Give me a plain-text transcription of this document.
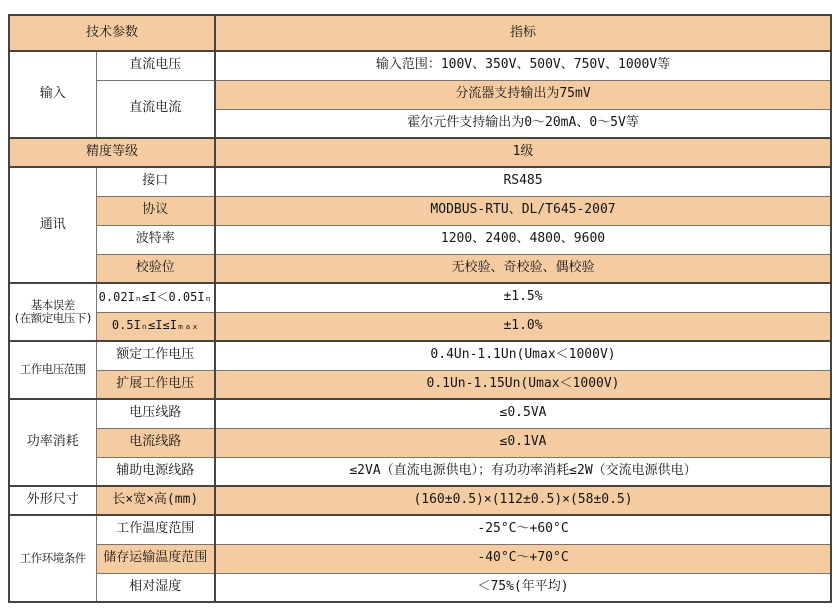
技术参数		指标
输入	直流电压	输入范围：100V、350V、500V、750V、1000V等
	直流电流	分流器支持输出为75mV
		霍尔元件支持输出为0～20mA、0～5V等
精度等级		1级
通讯	接口	RS485
	协议	MODBUS-RTU、DL/T645-2007
	波特率	1200、2400、4800、9600
	校验位	无校验、奇校验、偶校验

基本误差
(在额定电压下)	0.02Iₙ≤I＜0.05Iₙ	±1.5%
	0.5Iₙ≤I≤Iₘₐₓ	±1.0%
工作电压范围	额定工作电压	0.4Un-1.1Un(Umax＜1000V)
	扩展工作电压	0.1Un-1.15Un(Umax＜1000V)
功率消耗	电压线路	≤0.5VA
	电流线路	≤0.1VA
	辅助电源线路	≤2VA（直流电源供电）；有功功率消耗≤2W（交流电源供电）
外形尺寸	长×宽×高(mm)	(160±0.5)×(112±0.5)×(58±0.5)
工作环境条件	工作温度范围	-25°C～+60°C
	储存运输温度范围	-40°C～+70°C
	相对湿度	＜75%(年平均)
